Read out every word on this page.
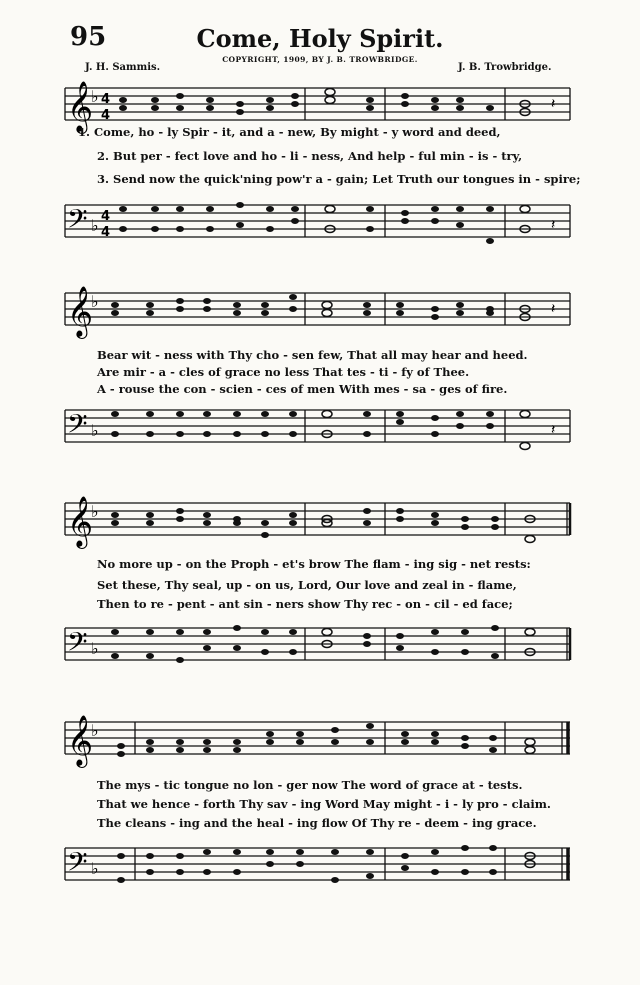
95	Come, Holy Spirit.
COPYRIGHT, 1909, BY J. B. TROWBRIDGE.
J. H. Sammis.	J. B. Trowbridge.
𝄞
♭ 4
4
𝄽
1. Come, ho - ly Spir - it, and a - new, By might - y word and deed,
2. But per - fect love and ho - li - ness, And help - ful min - is - try,
3. Send now the quick'ning pow'r a - gain; Let Truth our tongues in - spire;
𝄢 ♭ 4
4	𝄽
𝄞
♭	𝄽
Bear wit - ness with Thy cho - sen few, That all may hear and heed.
Are mir - a - cles of grace no less That tes - ti - fy of Thee.
A - rouse the con - scien - ces of men With mes - sa - ges of fire.
𝄢 ♭	𝄽
𝄞
♭
No more up - on the Proph - et's brow The flam - ing sig - net rests:
Set these, Thy seal, up - on us, Lord, Our love and zeal in - flame,
Then to re - pent - ant sin - ners show Thy rec - on - cil - ed face;
𝄢 ♭
𝄞
♭
The mys - tic tongue no lon - ger now The word of grace at - tests.
That we hence - forth Thy sav - ing Word May might - i - ly pro - claim.
The cleans - ing and the heal - ing flow Of Thy re - deem - ing grace.
𝄢 ♭
